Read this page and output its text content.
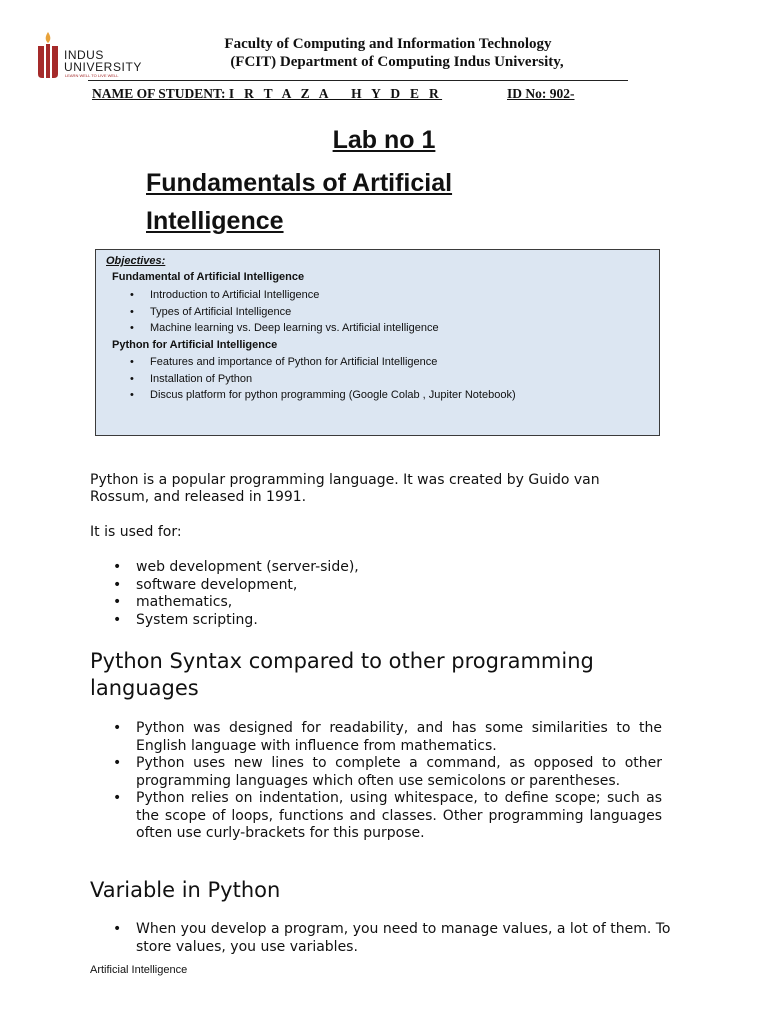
INDUS
UNIVERSITY
LEARN WELL TO LIVE WELL
Faculty of Computing and Information Technology
(FCIT) Department of Computing Indus University,
NAME OF STUDENT: I R T A Z A   H Y D E R	ID No: 902-
Lab no 1
Fundamentals of Artificial Intelligence
Objectives:
Fundamental of Artificial Intelligence
• Introduction to Artificial Intelligence
• Types of Artificial Intelligence
• Machine learning vs. Deep learning vs. Artificial intelligence
Python for Artificial Intelligence
• Features and importance of Python for Artificial Intelligence
• Installation of Python
• Discus platform for python programming (Google Colab , Jupiter Notebook)
Python is a popular programming language. It was created by Guido van Rossum, and released in 1991.
It is used for:
• web development (server-side),
• software development,
• mathematics,
• System scripting.
Python Syntax compared to other programming languages
• Python was designed for readability, and has some similarities to the English language with influence from mathematics.
• Python uses new lines to complete a command, as opposed to other programming languages which often use semicolons or parentheses.
• Python relies on indentation, using whitespace, to define scope; such as the scope of loops, functions and classes. Other programming languages often use curly-brackets for this purpose.
Variable in Python
• When you develop a program, you need to manage values, a lot of them. To store values, you use variables.
Artificial Intelligence
